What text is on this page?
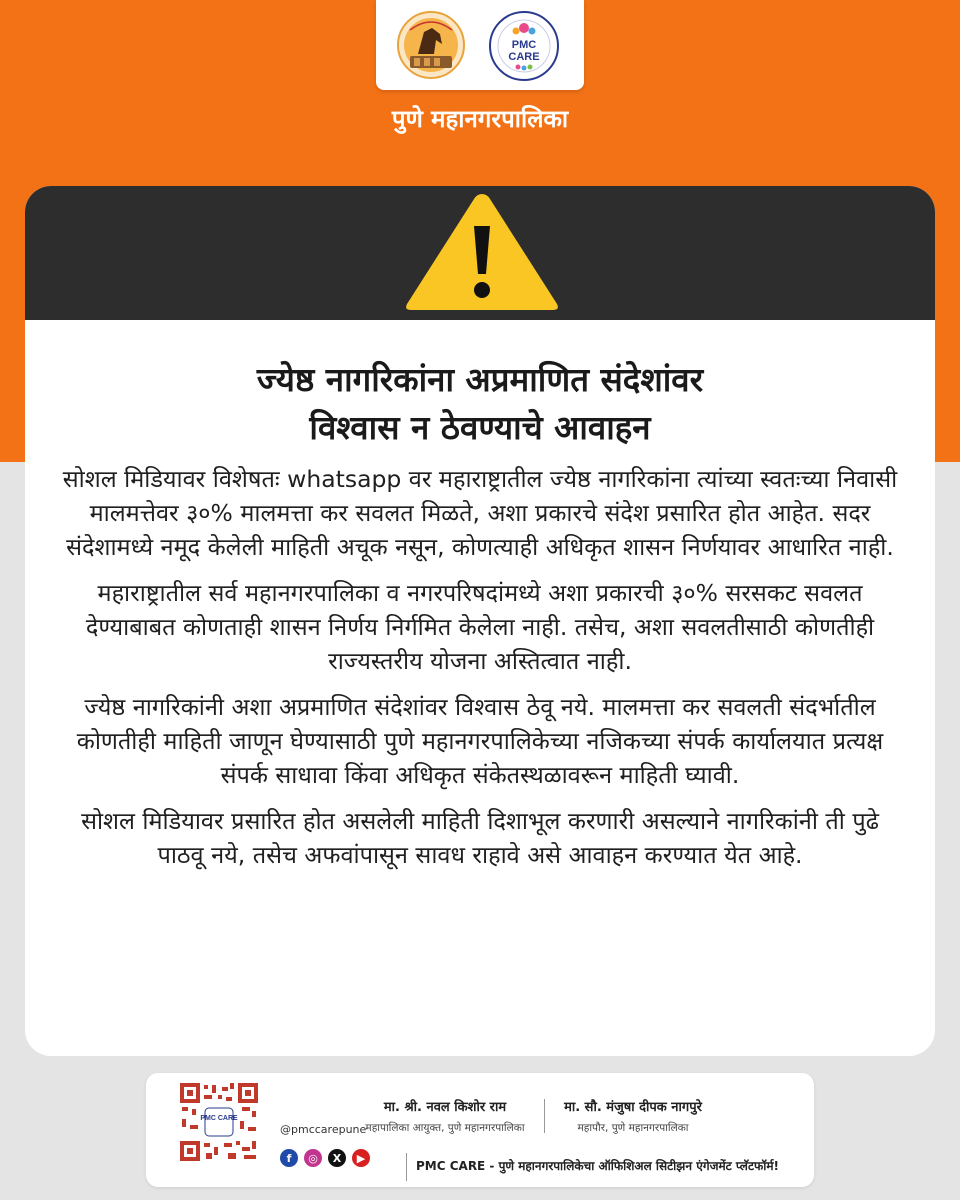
PMC
CARE
पुणे महानगरपालिका
ज्येष्ठ नागरिकांना अप्रमाणित संदेशांवर
विश्वास न ठेवण्याचे आवाहन

सोशल मिडियावर विशेषतः whatsapp वर महाराष्ट्रातील ज्येष्ठ नागरिकांना त्यांच्या स्वतःच्या निवासी मालमत्तेवर ३०% मालमत्ता कर सवलत मिळते, अशा प्रकारचे संदेश प्रसारित होत आहेत. सदर संदेशामध्ये नमूद केलेली माहिती अचूक नसून, कोणत्याही अधिकृत शासन निर्णयावर आधारित नाही.

महाराष्ट्रातील सर्व महानगरपालिका व नगरपरिषदांमध्ये अशा प्रकारची ३०% सरसकट सवलत देण्याबाबत कोणताही शासन निर्णय निर्गमित केलेला नाही. तसेच, अशा सवलतीसाठी कोणतीही राज्यस्तरीय योजना अस्तित्वात नाही.

ज्येष्ठ नागरिकांनी अशा अप्रमाणित संदेशांवर विश्वास ठेवू नये. मालमत्ता कर सवलती संदर्भातील कोणतीही माहिती जाणून घेण्यासाठी पुणे महानगरपालिकेच्या नजिकच्या संपर्क कार्यालयात प्रत्यक्ष संपर्क साधावा किंवा अधिकृत संकेतस्थळावरून माहिती घ्यावी.

सोशल मिडियावर प्रसारित होत असलेली माहिती दिशाभूल करणारी असल्याने नागरिकांनी ती पुढे पाठवू नये, तसेच अफवांपासून सावध राहावे असे आवाहन करण्यात येत आहे.

PMC CARE
@pmccarepune
f	◎	X	▶
मा. श्री. नवल किशोर राम
महापालिका आयुक्त, पुणे महानगरपालिका
मा. सौ. मंजुषा दीपक नागपुरे
महापौर, पुणे महानगरपालिका
PMC CARE - पुणे महानगरपालिकेचा ऑफिशिअल सिटीझन एंगेजमेंट प्लॅटफॉर्म!
